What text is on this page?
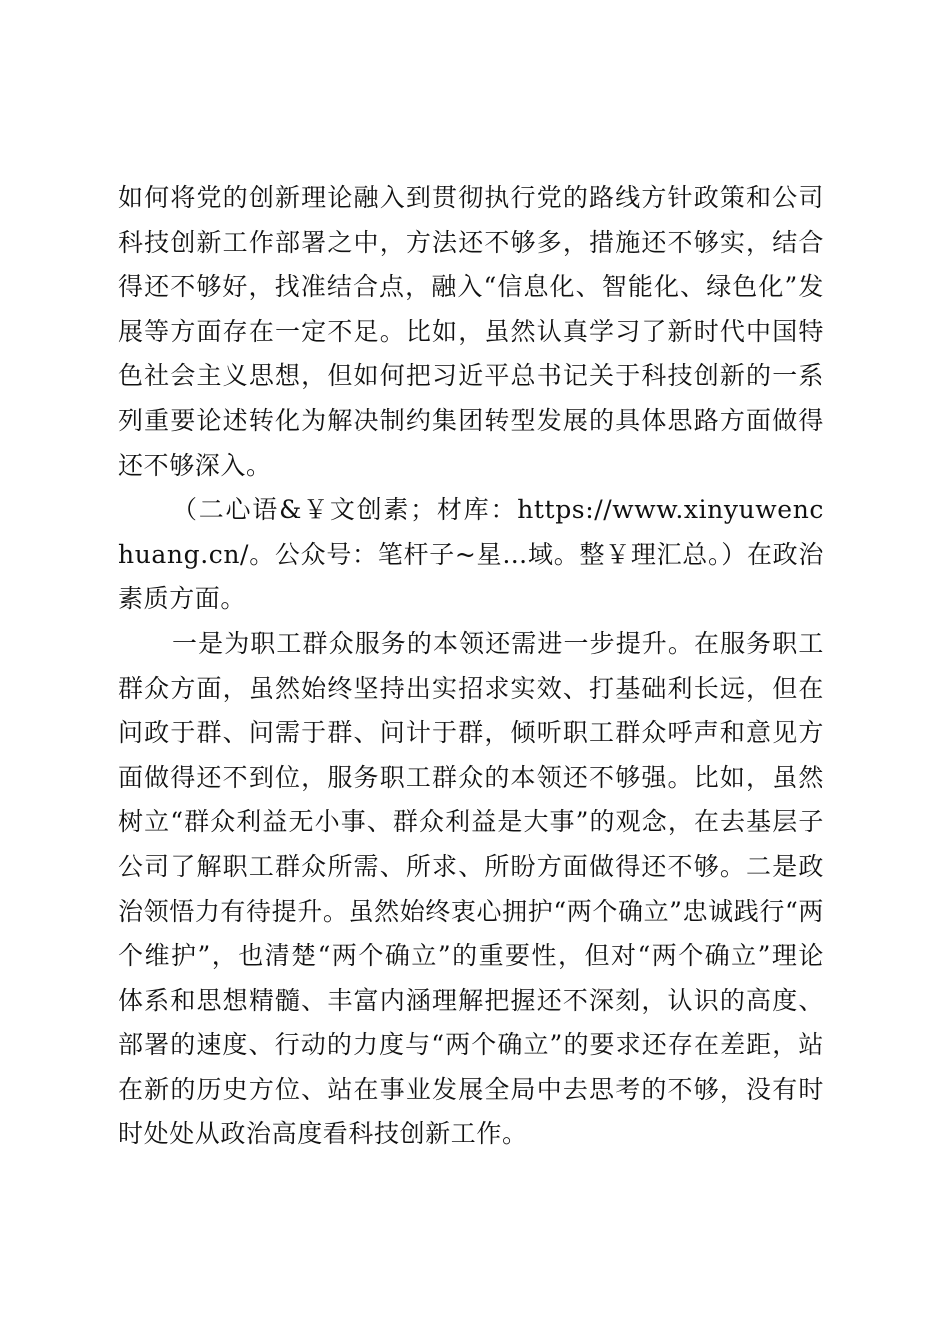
如何将党的创新理论融入到贯彻执行党的路线方针政策和公司科技创新工作部署之中，方法还不够多，措施还不够实，结合得还不够好，找准结合点，融入“信息化、智能化、绿色化”发展等方面存在一定不足。比如，虽然认真学习了新时代中国特色社会主义思想，但如何把习近平总书记关于科技创新的一系列重要论述转化为解决制约集团转型发展的具体思路方面做得还不够深入。

（二心语&￥文创素；材库：https://www.xinyuwenchuang.cn/。公众号：笔杆子~星…域。整￥理汇总。）在政治素质方面。

一是为职工群众服务的本领还需进一步提升。在服务职工群众方面，虽然始终坚持出实招求实效、打基础利长远，但在问政于群、问需于群、问计于群，倾听职工群众呼声和意见方面做得还不到位，服务职工群众的本领还不够强。比如，虽然树立“群众利益无小事、群众利益是大事”的观念，在去基层子公司了解职工群众所需、所求、所盼方面做得还不够。二是政治领悟力有待提升。虽然始终衷心拥护“两个确立”忠诚践行“两个维护”，也清楚“两个确立”的重要性，但对“两个确立”理论体系和思想精髓、丰富内涵理解把握还不深刻，认识的高度、部署的速度、行动的力度与“两个确立”的要求还存在差距，站在新的历史方位、站在事业发展全局中去思考的不够，没有时时处处从政治高度看科技创新工作。
